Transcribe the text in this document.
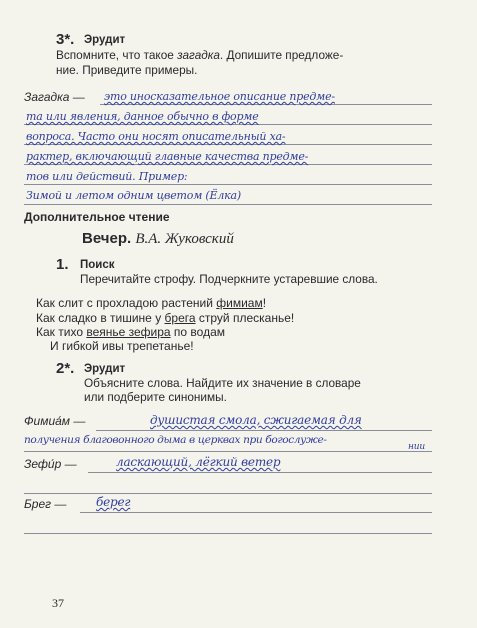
3*. Эрудит
Вспомните, что такое загадка. Допишите предложе-
ние. Приведите примеры.
Загадка — это иносказательное описание предме-
та или явления, данное обычно в форме
вопроса. Часто они носят описательный ха-
рактер, включающий главные качества предме-
тов или действий. Пример:
Зимой и летом одним цветом (Ёлка)
Дополнительное чтение
Вечер. В.А. Жуковский
1. Поиск
Перечитайте строфу. Подчеркните устаревшие слова.
Как слит с прохладою растений фимиам!
Как сладко в тишине у брега струй плесканье!
Как тихо веянье зефира по водам
И гибкой ивы трепетанье!
2*. Эрудит
Объясните слова. Найдите их значение в словаре
или подберите синонимы.
Фимиа́м —	душистая смола, сжигаемая для
получения благовонного дыма в церквах при богослуже-
нии
Зефи́р —	ласкающий, лёгкий ветер
Брег — берег
37
